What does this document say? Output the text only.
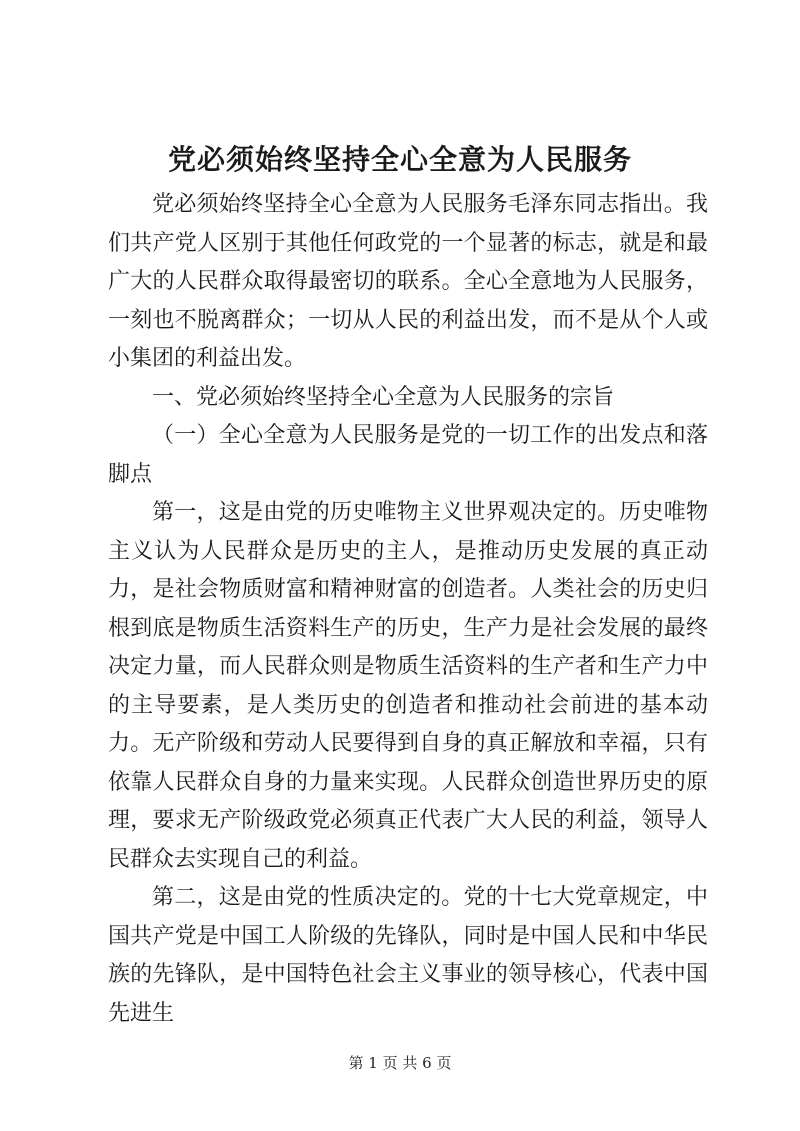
党必须始终坚持全心全意为人民服务

党必须始终坚持全心全意为人民服务毛泽东同志指出。我们共产党人区别于其他任何政党的一个显著的标志，就是和最广大的人民群众取得最密切的联系。全心全意地为人民服务，一刻也不脱离群众；一切从人民的利益出发，而不是从个人或小集团的利益出发。

一、党必须始终坚持全心全意为人民服务的宗旨

（一）全心全意为人民服务是党的一切工作的出发点和落脚点

第一，这是由党的历史唯物主义世界观决定的。历史唯物主义认为人民群众是历史的主人，是推动历史发展的真正动力，是社会物质财富和精神财富的创造者。人类社会的历史归根到底是物质生活资料生产的历史，生产力是社会发展的最终决定力量，而人民群众则是物质生活资料的生产者和生产力中的主导要素，是人类历史的创造者和推动社会前进的基本动力。无产阶级和劳动人民要得到自身的真正解放和幸福，只有依靠人民群众自身的力量来实现。人民群众创造世界历史的原理，要求无产阶级政党必须真正代表广大人民的利益，领导人民群众去实现自己的利益。

第二，这是由党的性质决定的。党的十七大党章规定，中国共产党是中国工人阶级的先锋队，同时是中国人民和中华民族的先锋队，是中国特色社会主义事业的领导核心，代表中国先进生

第 1 页 共 6 页
